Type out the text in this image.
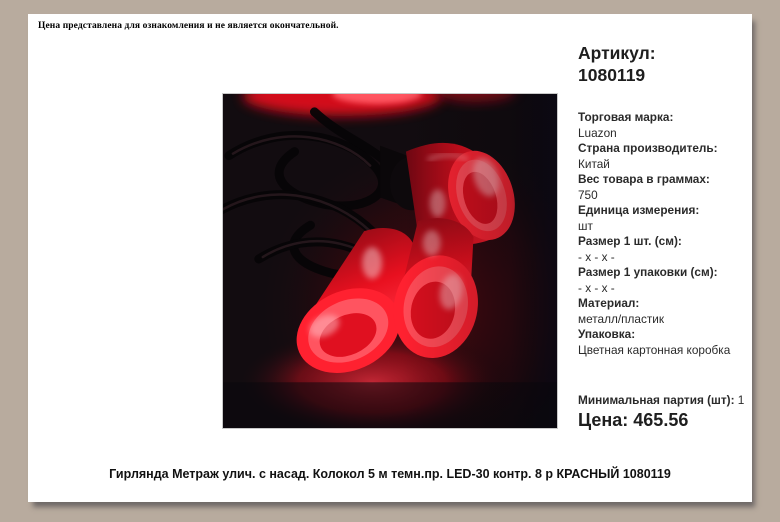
Цена представлена для ознакомления и не является окончательной.
Артикул:
1080119
Торговая марка:
Luazon
Страна производитель:
Китай
Вес товара в граммах:
750
Единица измерения:
шт
Размер 1 шт. (см):
- х - х -
Размер 1 упаковки (см):
- х - х -
Материал:
металл/пластик
Упаковка:
Цветная картонная коробка
Минимальная партия (шт): 1
Цена: 465.56
Гирлянда Метраж улич. с насад. Колокол 5 м темн.пр. LED-30 контр. 8 р КРАСНЫЙ 1080119
